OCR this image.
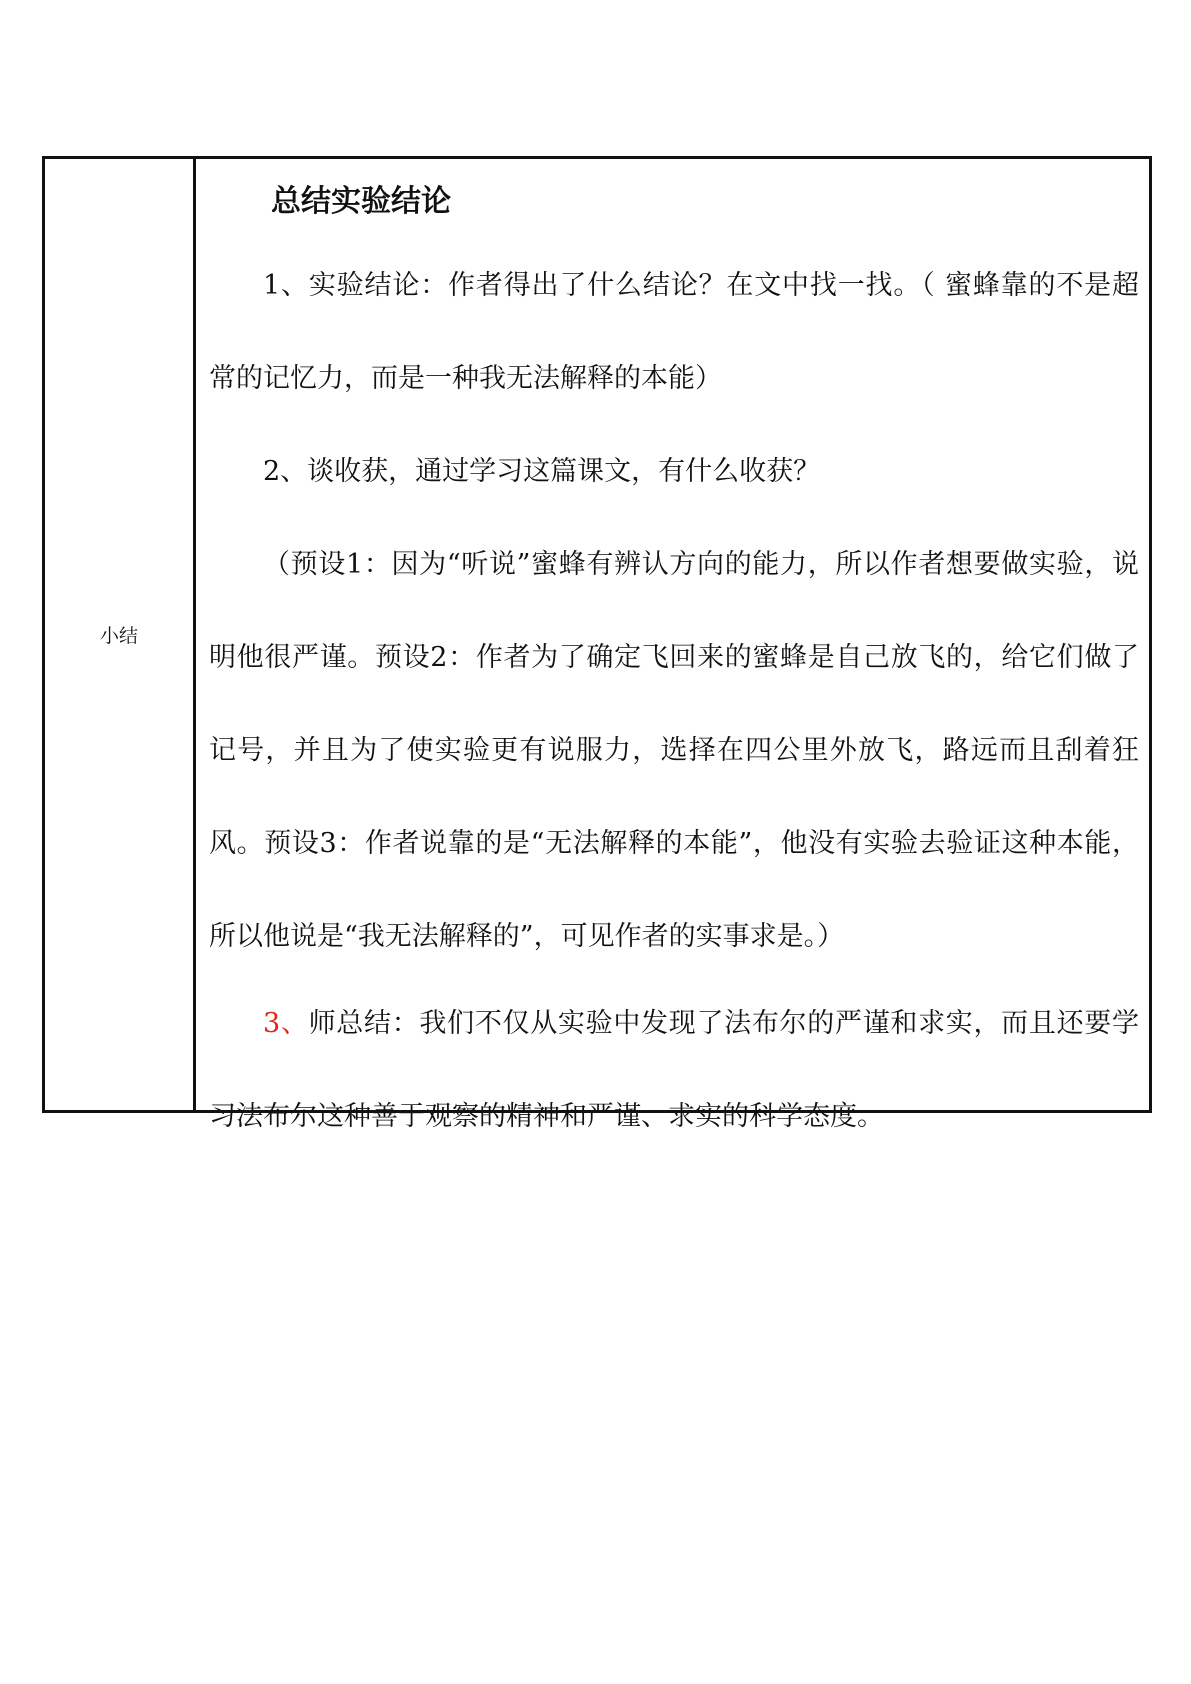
小结	
总结实验结论

1、实验结论：作者得出了什么结论？在文中找一找。（ 蜜蜂靠的不是超常的记忆力，而是一种我无法解释的本能）

2、谈收获，通过学习这篇课文，有什么收获？

（预设1：因为“听说”蜜蜂有辨认方向的能力，所以作者想要做实验，说明他很严谨。预设2：作者为了确定飞回来的蜜蜂是自己放飞的，给它们做了记号，并且为了使实验更有说服力，选择在四公里外放飞，路远而且刮着狂风。预设3：作者说靠的是“无法解释的本能”，他没有实验去验证这种本能，所以他说是“我无法解释的”，可见作者的实事求是。）

3、师总结：我们不仅从实验中发现了法布尔的严谨和求实，而且还要学习法布尔这种善于观察的精神和严谨、求实的科学态度。
